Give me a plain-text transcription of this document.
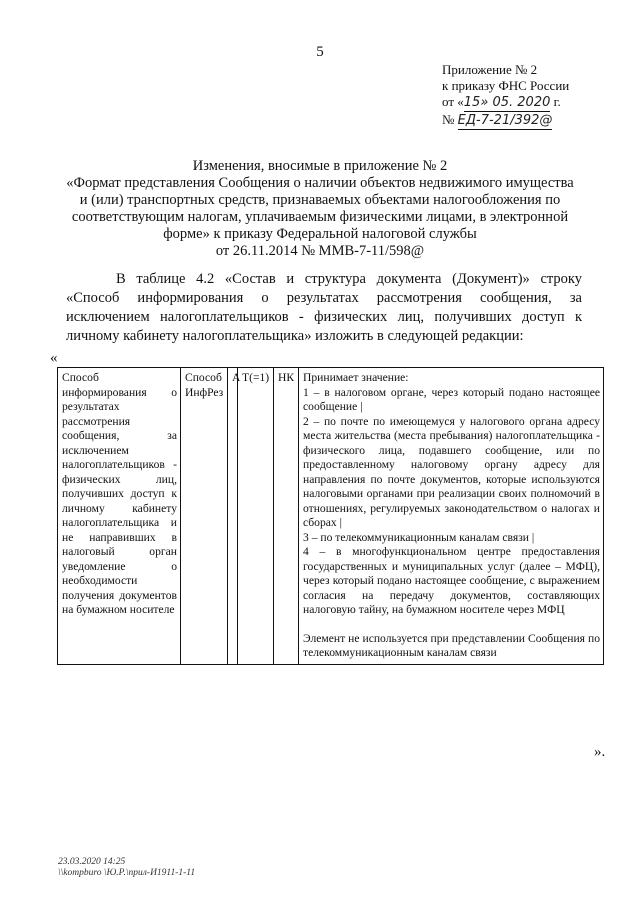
5
Приложение № 2
к приказу ФНС России
от «15» 05. 2020 г.
№ ЕД-7-21/392@
Изменения, вносимые в приложение № 2
«Формат представления Сообщения о наличии объектов недвижимого имущества
и (или) транспортных средств, признаваемых объектами налогообложения по
соответствующим налогам, уплачиваемым физическими лицами, в электронной
форме» к приказу Федеральной налоговой службы
от 26.11.2014 № ММВ-7-11/598@
В таблице 4.2 «Состав и структура документа (Документ)» строку «Способ информирования о результатах рассмотрения сообщения, за исключением налогоплательщиков - физических лиц, получивших доступ к личному кабинету налогоплательщика» изложить в следующей редакции:
«
Способ информирования о результатах рассмотрения сообщения, за исключением налогоплательщиков - физических лиц, получивших доступ к личному кабинету налогоплательщика и не направивших в налоговый орган уведомление о необходимости получения документов на бумажном носителе	Способ ИнфРез	А	Т(=1)	НК	Принимает значение:
1 – в налоговом органе, через который подано настоящее сообщение |
2 – по почте по имеющемуся у налогового органа адресу места жительства (места пребывания) налогоплательщика - физического лица, подавшего сообщение, или по предоставленному налоговому органу адресу для направления по почте документов, которые используются налоговыми органами при реализации своих полномочий в отношениях, регулируемых законодательством о налогах и сборах |
3 – по телекоммуникационным каналам связи |
4 – в многофункциональном центре предоставления государственных и муниципальных услуг (далее – МФЦ), через который подано настоящее сообщение, с выражением согласия на передачу документов, составляющих налоговую тайну, на бумажном носителе через МФЦ
Элемент не используется при представлении Сообщения по телекоммуникационным каналам связи
».
23.03.2020 14:25
\\kompburo \Ю.Р.\прил-И1911-1-11
